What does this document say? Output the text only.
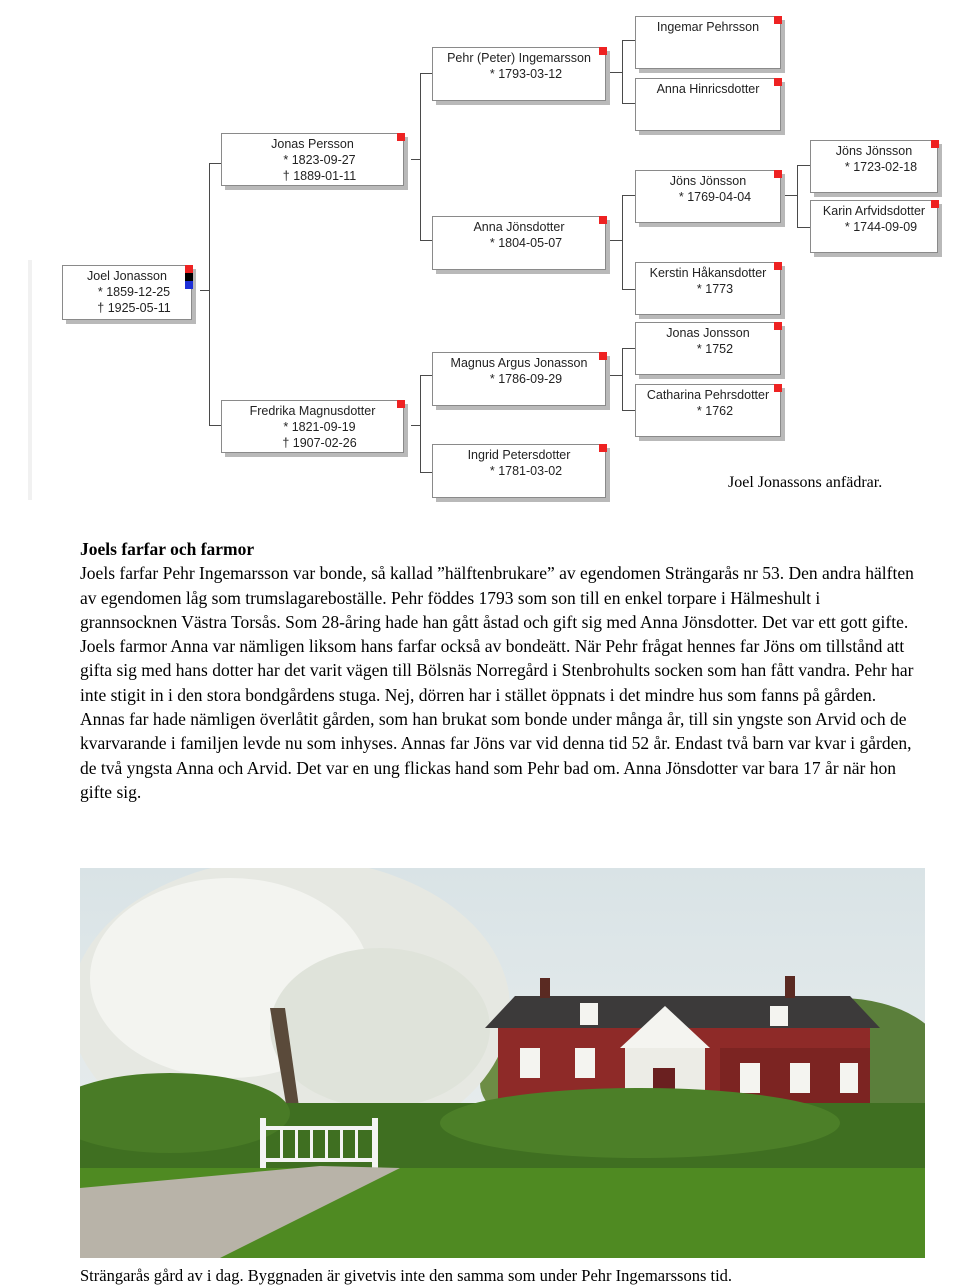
Joel Jonasson
* 1859-12-25
† 1925-05-11
Jonas Persson
* 1823-09-27
† 1889-01-11
Fredrika Magnusdotter
* 1821-09-19
† 1907-02-26
Pehr (Peter) Ingemarsson
* 1793-03-12
Anna Jönsdotter
* 1804-05-07
Magnus Argus Jonasson
* 1786-09-29
Ingrid Petersdotter
* 1781-03-02
Ingemar Pehrsson
Anna Hinricsdotter
Jöns Jönsson
* 1769-04-04
Kerstin Håkansdotter
* 1773
Jonas Jonsson
* 1752
Catharina Pehrsdotter
* 1762
Jöns Jönsson
* 1723-02-18
Karin Arfvidsdotter
* 1744-09-09
Joel Jonassons anfädrar.
Joels farfar och farmor

Joels farfar Pehr Ingemarsson var bonde, så kallad ”hälftenbrukare” av egendomen Strängarås nr 53. Den andra hälften av egendomen låg som trumslagareboställe. Pehr föddes 1793 som son till en enkel torpare i Hälmeshult i grannsocknen Västra Torsås. Som 28-åring hade han gått åstad och gift sig med Anna Jönsdotter. Det var ett gott gifte. Joels farmor Anna var nämligen liksom hans farfar också av bondeätt. När Pehr frågat hennes far Jöns om tillstånd att gifta sig med hans dotter har det varit vägen till Bölsnäs Norregård i Stenbrohults socken som han fått vandra. Pehr har inte stigit in i den stora bondgårdens stuga. Nej, dörren har i stället öppnats i det mindre hus som fanns på gården. Annas far hade nämligen överlåtit gården, som han brukat som bonde under många år, till sin yngste son Arvid och de kvarvarande i familjen levde nu som inhyses. Annas far Jöns var vid denna tid 52 år. Endast två barn var kvar i gården, de två yngsta Anna och Arvid. Det var en ung flickas hand som Pehr bad om. Anna Jönsdotter var bara 17 år när hon gifte sig.

Strängarås gård av i dag. Byggnaden är givetvis inte den samma som under Pehr Ingemarssons tid.
